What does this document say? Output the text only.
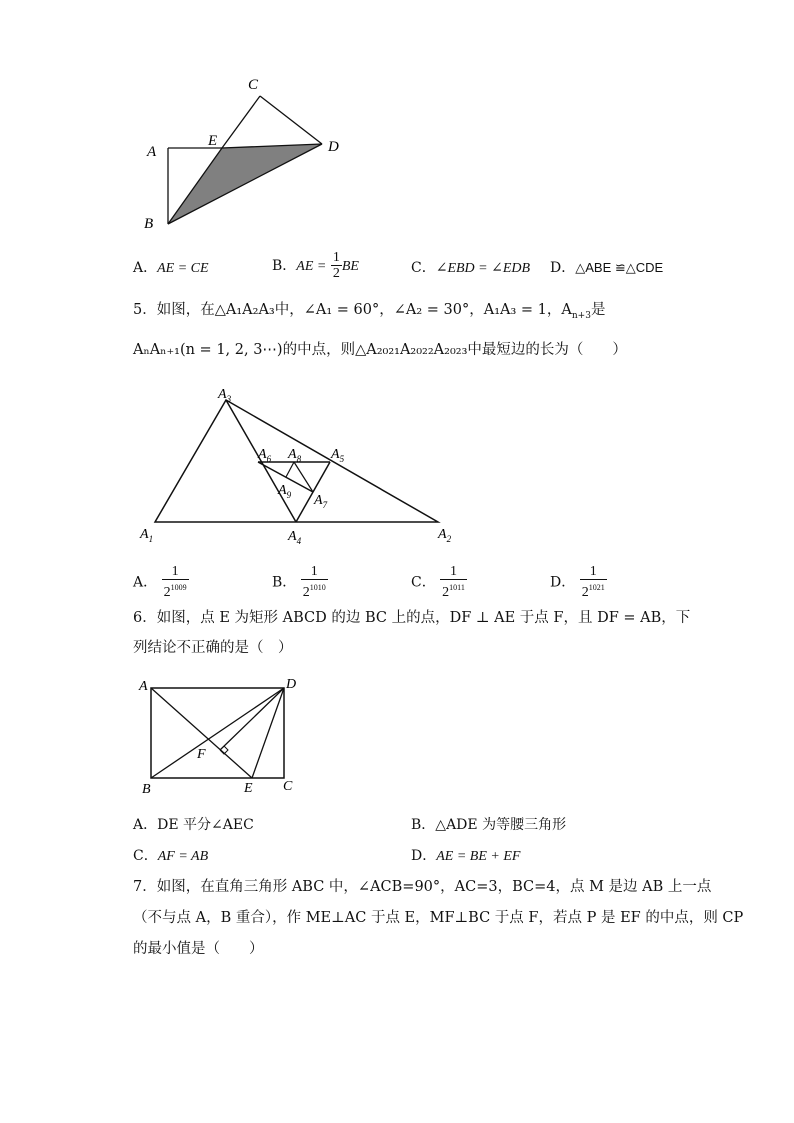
C
A
E	D
B
A．AE = CE	B．AE = $\frac{1}{2}$ BE	C．∠EBD = ∠EDB D．△ABE ≌△CDE
5．如图，在△A₁A₂A₃中，∠A₁ = 60°，∠A₂ = 30°，A₁A₃ = 1，$A_{n+3}$是
AₙAₙ₊₁(n = 1, 2, 3⋯)的中点，则△A₂₀₂₁A₂₀₂₂A₂₀₂₃中最短边的长为（　　）
$A_3$
$A_6$ $A_8$ $A_5$
$A_9$ $A_7$
$A_1$	$A_4$	$A_2$
A． $\frac{1}{2^{1009}}$	B． $\frac{1}{2^{1010}}$	C． $\frac{1}{2^{1011}}$	D． $\frac{1}{2^{1021}}$
6．如图，点 E 为矩形 ABCD 的边 BC 上的点，DF ⊥ AE 于点 F，且 DF = AB，下
列结论不正确的是（　）
A	D
F
B	E C
A．DE 平分∠AEC	B．△ADE 为等腰三角形
C．AF = AB	D．AE = BE + EF
7．如图，在直角三角形 ABC 中，∠ACB=90°，AC=3，BC=4，点 M 是边 AB 上一点
（不与点 A，B 重合），作 ME⊥AC 于点 E，MF⊥BC 于点 F，若点 P 是 EF 的中点，则 CP
的最小值是（　　）
